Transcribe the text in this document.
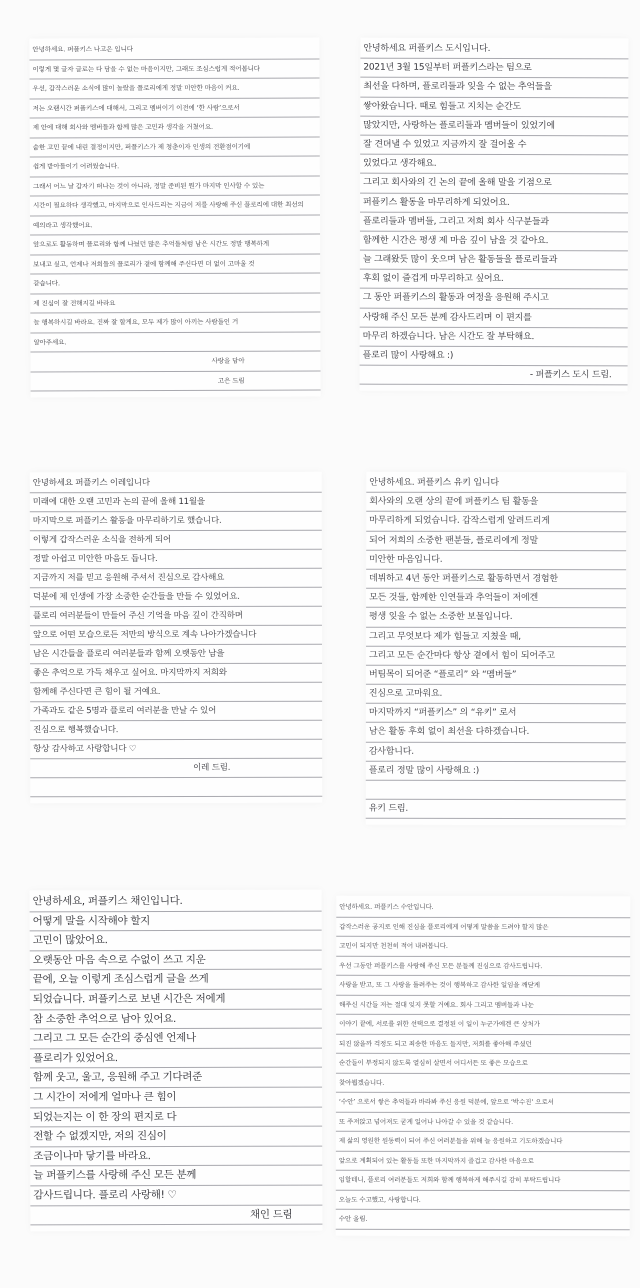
안녕하세요. 퍼플키스 나고은 입니다
이렇게 몇 글자 글로는 다 담을 수 없는 마음이지만, 그래도 조심스럽게 적어봅니다
우선, 갑작스러운 소식에 많이 놀랐을 플로리에게 정말 미안한 마음이 커요.
저는 오랜시간 퍼플키스에 대해서, 그리고 멤버이기 이전에 ‘한 사람’으로서
제 안에 대해 회사와 멤버들과 함께 많은 고민과 생각을 거쳤어요.
숱한 고민 끝에 내린 결정이지만, 퍼플키스가 제 청춘이자 인생의 전환점이기에
쉽게 받아들이기 어려웠습니다.
그래서 어느 날 갑자기 떠나는 것이 아니라, 정말 준비된 뭔가 마지막 인사할 수 있는
시간이 필요하다 생각했고, 마지막으로 인사드리는 지금이 저를 사랑해 주신 플로리에 대한 최선의
예의라고 생각했어요.
앞으로도 활동하며 플로리와 함께 나눴던 많은 추억들처럼 남은 시간도 정말 행복하게
보내고 싶고, 언제나 저희들의 플로리가 곁에 함께해 주신다면 더 없이 고마울 것
같습니다.
제 진심이 잘 전해지길 바라요
늘 행복하시길 바라요. 진짜 잘 할게요, 모두 제가 많이 아끼는 사람들인 거
알아주세요.
사랑을 담아
고은 드림
안녕하세요 퍼플키스 도시입니다.
2021년 3월 15일부터 퍼플키스라는 팀으로
최선을 다하며, 플로리들과 잊을 수 없는 추억들을
쌓아왔습니다. 때로 힘들고 지치는 순간도
많았지만, 사랑하는 플로리들과 멤버들이 있었기에
잘 견뎌낼 수 있었고 지금까지 잘 걸어올 수
있었다고 생각해요.
그리고 회사와의 긴 논의 끝에 올해 말을 기점으로
퍼플키스 활동을 마무리하게 되었어요.
플로리들과 멤버들, 그리고 저희 회사 식구분들과
함께한 시간은 평생 제 마음 깊이 남을 것 같아요.
늘 그래왔듯 많이 웃으며 남은 활동들을 플로리들과
후회 없이 즐겁게 마무리하고 싶어요.
그 동안 퍼플키스의 활동과 여정을 응원해 주시고
사랑해 주신 모든 분께 감사드리며 이 편지를
마무리 하겠습니다. 남은 시간도 잘 부탁해요.
플로리 많이 사랑해요 :)
- 퍼플키스 도시 드림.
안녕하세요 퍼플키스 이레입니다
미래에 대한 오랜 고민과 논의 끝에 올해 11월을
마지막으로 퍼플키스 활동을 마무리하기로 했습니다.
이렇게 갑작스러운 소식을 전하게 되어
정말 아쉽고 미안한 마음도 듭니다.
지금까지 저를 믿고 응원해 주셔서 진심으로 감사해요
덕분에 제 인생에 가장 소중한 순간들을 만들 수 있었어요.
플로리 여러분들이 만들어 주신 기억을 마음 깊이 간직하며
앞으로 어떤 모습으로든 저만의 방식으로 계속 나아가겠습니다
남은 시간들을 플로리 여러분들과 함께 오랫동안 남을
좋은 추억으로 가득 채우고 싶어요. 마지막까지 저희와
함께해 주신다면 큰 힘이 될 거예요.
가족과도 같은 5명과 플로리 여러분을 만날 수 있어
진심으로 행복했습니다.
항상 감사하고 사랑합니다 ♡
이레 드림.

안녕하세요. 퍼플키스 유키 입니다
회사와의 오랜 상의 끝에 퍼플키스 팀 활동을
마무리하게 되었습니다. 갑작스럽게 알려드리게
되어 저희의 소중한 팬분들, 플로리에게 정말
미안한 마음입니다.
데뷔하고 4년 동안 퍼플키스로 활동하면서 경험한
모든 것들, 함께한 인연들과 추억들이 저에겐
평생 잊을 수 없는 소중한 보물입니다.
그리고 무엇보다 제가 힘들고 지쳤을 때,
그리고 모든 순간마다 항상 곁에서 힘이 되어주고
버팀목이 되어준 “플로리” 와 “멤버들”
진심으로 고마워요.
마지막까지 “퍼플키스” 의 “유키” 로서
남은 활동 후회 없이 최선을 다하겠습니다.
감사합니다.
플로리 정말 많이 사랑해요 :)

유키 드림.
안녕하세요, 퍼플키스 채인입니다.
어떻게 말을 시작해야 할지
고민이 많았어요.
오랫동안 마음 속으로 수없이 쓰고 지운
끝에, 오늘 이렇게 조심스럽게 글을 쓰게
되었습니다. 퍼플키스로 보낸 시간은 저에게
참 소중한 추억으로 남아 있어요.
그리고 그 모든 순간의 중심엔 언제나
플로리가 있었어요.
함께 웃고, 울고, 응원해 주고 기다려준
그 시간이 저에게 얼마나 큰 힘이
되었는지는 이 한 장의 편지로 다
전할 수 없겠지만, 저의 진심이
조금이나마 닿기를 바라요.
늘 퍼플키스를 사랑해 주신 모든 분께
감사드립니다. 플로리 사랑해! ♡
채인 드림
안녕하세요. 퍼플키스 수안입니다.
갑작스러운 공지로 인해 진심을 플로리에게 어떻게 말씀을 드려야 할지 많은
고민이 되지만 천천히 적어 내려봅니다.
우선 그동안 퍼플키스를 사랑해 주신 모든 분들께 진심으로 감사드립니다.
사랑을 받고, 또 그 사랑을 돌려주는 것이 행복하고 감사한 일임을 깨닫게
해주신 시간들 저는 절대 잊지 못할 거예요. 회사 그리고 멤버들과 나눈
이야기 끝에, 서로를 위한 선택으로 결정된 이 일이 누군가에겐 큰 상처가
되진 않을까 걱정도 되고 죄송한 마음도 들지만, 저희를 좋아해 주셨던
순간들이 부정되지 않도록 열심히 살면서 어디서든 또 좋은 모습으로
찾아뵙겠습니다.
‘수안’ 으로서 쌓은 추억들과 바라봐 주신 응원 덕분에, 앞으로 ‘박수진’ 으로서
또 주저앉고 넘어져도 굳게 일어나 나아갈 수 있을 것 같습니다.
제 삶의 영원한 원동력이 되어 주신 여러분들을 위해 늘 응원하고 기도하겠습니다
앞으로 계획되어 있는 활동들 또한 마지막까지 즐겁고 감사한 마음으로
임할테니, 플로리 여러분들도 저희와 함께 행복하게 해주시길 감히 부탁드립니다
오늘도 수고했고, 사랑합니다.
수안 올림.
